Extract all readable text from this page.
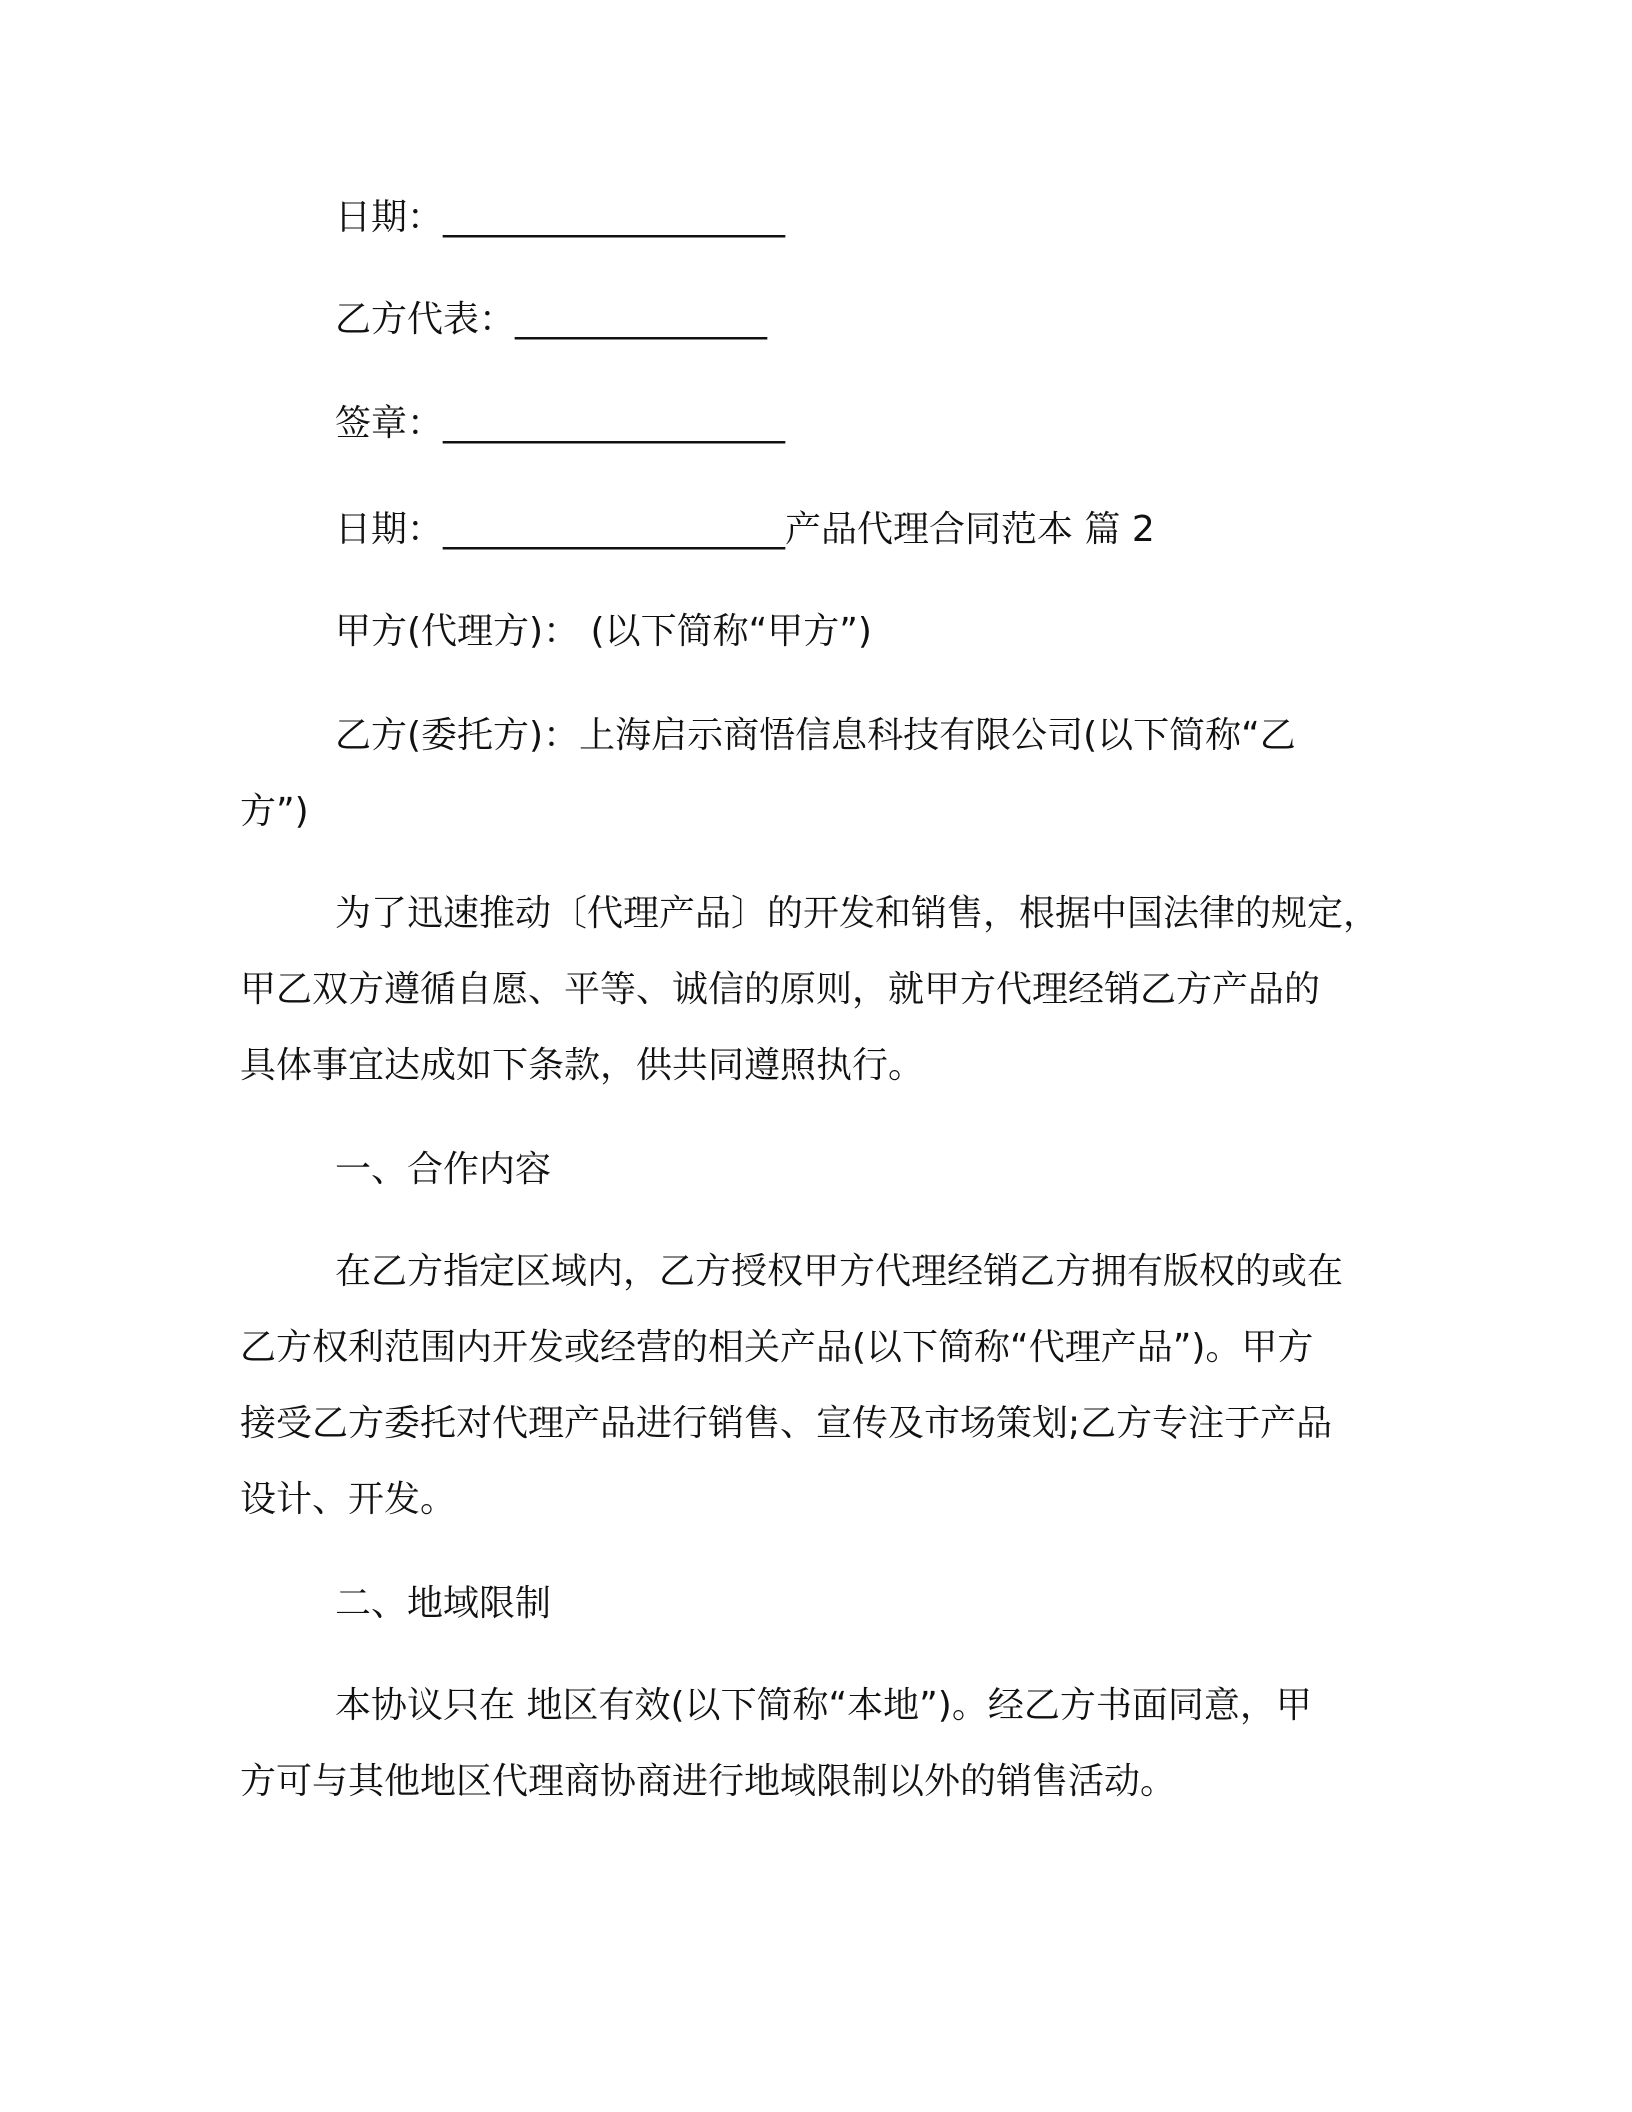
日期：___________________
乙方代表：______________
签章：___________________
日期：___________________产品代理合同范本 篇 2
甲方(代理方)： (以下简称“甲方”)
乙方(委托方)：上海启示商悟信息科技有限公司(以下简称“乙
方”)
为了迅速推动〔代理产品〕的开发和销售，根据中国法律的规定，
甲乙双方遵循自愿、平等、诚信的原则，就甲方代理经销乙方产品的
具体事宜达成如下条款，供共同遵照执行。
一、合作内容
在乙方指定区域内，乙方授权甲方代理经销乙方拥有版权的或在
乙方权利范围内开发或经营的相关产品(以下简称“代理产品”)。甲方
接受乙方委托对代理产品进行销售、宣传及市场策划;乙方专注于产品
设计、开发。
二、地域限制
本协议只在 地区有效(以下简称“本地”)。经乙方书面同意，甲
方可与其他地区代理商协商进行地域限制以外的销售活动。
